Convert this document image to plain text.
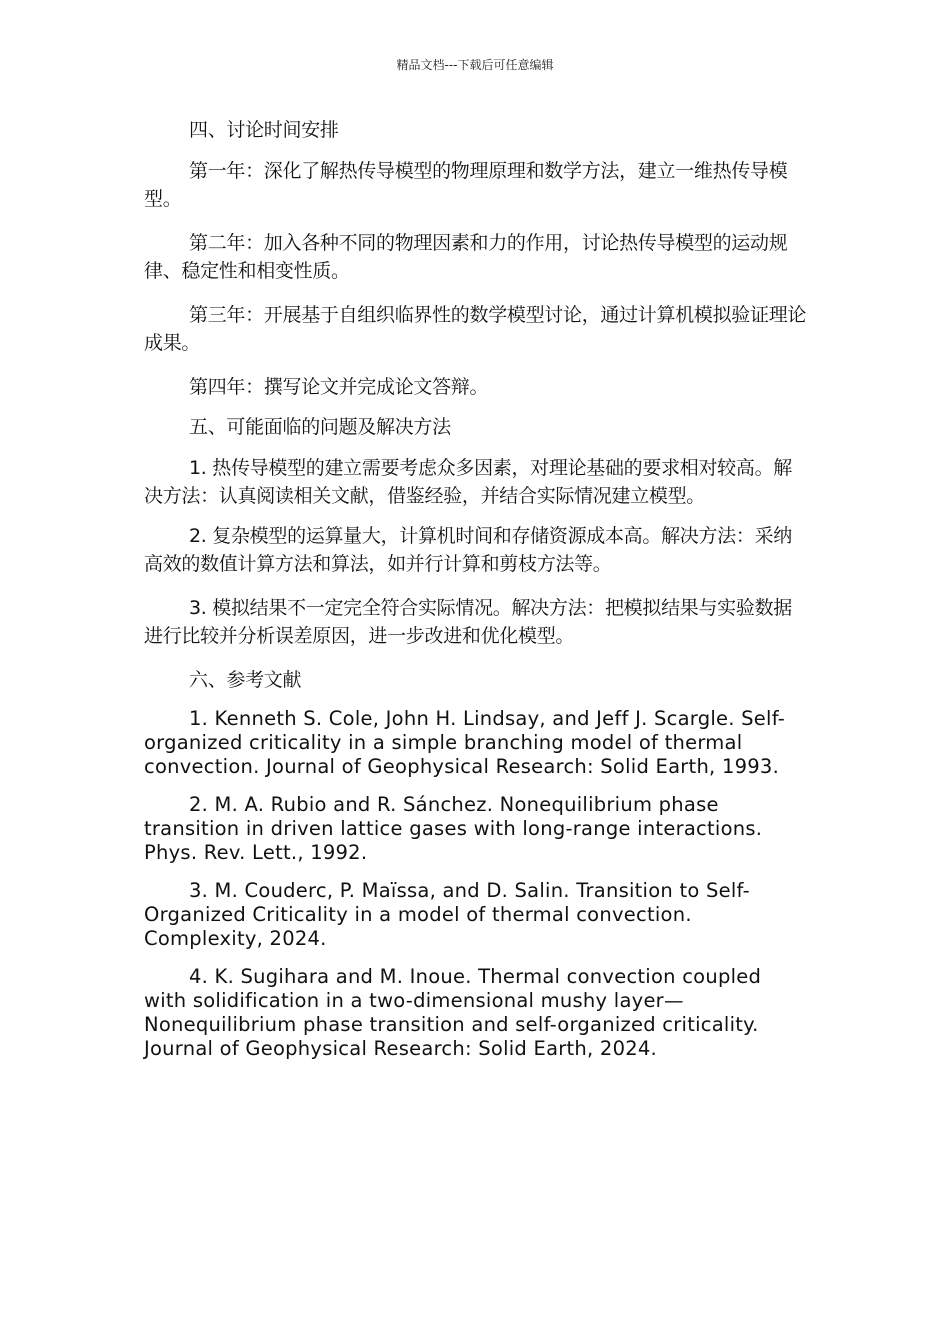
精品文档---下载后可任意编辑

四、讨论时间安排

第一年：深化了解热传导模型的物理原理和数学方法，建立一维热传导模型。

第二年：加入各种不同的物理因素和力的作用，讨论热传导模型的运动规律、稳定性和相变性质。

第三年：开展基于自组织临界性的数学模型讨论，通过计算机模拟验证理论成果。

第四年：撰写论文并完成论文答辩。

五、可能面临的问题及解决方法

1. 热传导模型的建立需要考虑众多因素，对理论基础的要求相对较高。解决方法：认真阅读相关文献，借鉴经验，并结合实际情况建立模型。

2. 复杂模型的运算量大，计算机时间和存储资源成本高。解决方法：采纳高效的数值计算方法和算法，如并行计算和剪枝方法等。

3. 模拟结果不一定完全符合实际情况。解决方法：把模拟结果与实验数据进行比较并分析误差原因，进一步改进和优化模型。

六、参考文献

1. Kenneth S. Cole, John H. Lindsay, and Jeff J. Scargle. Self-organized criticality in a simple branching model of thermal convection. Journal of Geophysical Research: Solid Earth, 1993.

2. M. A. Rubio and R. Sánchez. Nonequilibrium phase transition in driven lattice gases with long-range interactions. Phys. Rev. Lett., 1992.

3. M. Couderc, P. Maïssa, and D. Salin. Transition to Self-Organized Criticality in a model of thermal convection. Complexity, 2024.

4. K. Sugihara and M. Inoue. Thermal convection coupled with solidification in a two-dimensional mushy layer—Nonequilibrium phase transition and self-organized criticality. Journal of Geophysical Research: Solid Earth, 2024.
